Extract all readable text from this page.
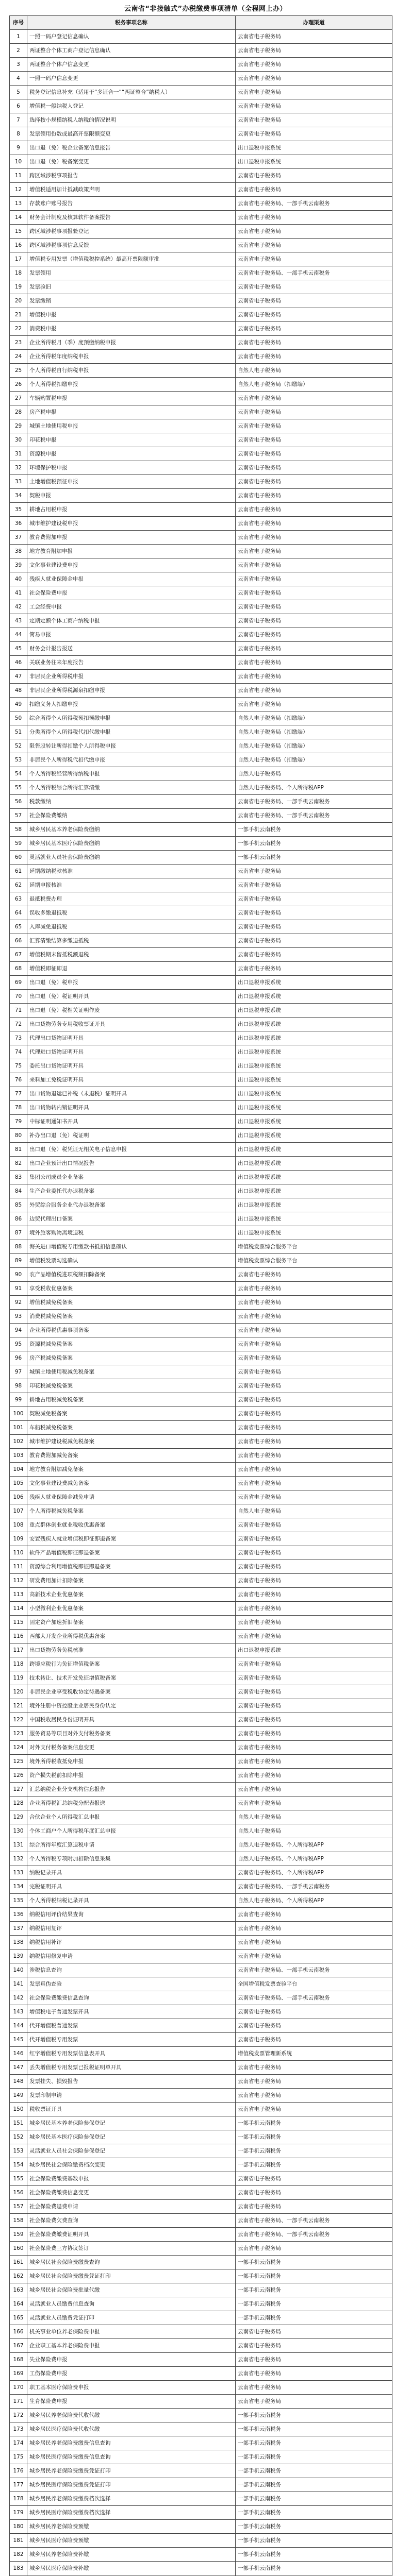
云南省“非接触式”办税缴费事项清单（全程网上办）
序号	税务事项名称	办理渠道
1	一照一码户登记信息确认	云南省电子税务局
2	两证整合个体工商户登记信息确认	云南省电子税务局
3	两证整合个体户信息变更	云南省电子税务局
4	一照一码户信息变更	云南省电子税务局
5	税务登记信息补充（适用于“多证合一”“两证整合”纳税人）	云南省电子税务局
6	增值税一般纳税人登记	云南省电子税务局
7	选择按小规模纳税人纳税的情况说明	云南省电子税务局
8	发票领用份数或最高开票限额变更	云南省电子税务局
9	出口退（免）税企业备案信息报告	出口退税申报系统
10	出口退（免）税备案变更	出口退税申报系统
11	跨区域涉税事项报告	云南省电子税务局
12	增值税适用加计抵减政策声明	云南省电子税务局
13	存款账户账号报告	云南省电子税务局、一部手机云南税务
14	财务会计制度及核算软件备案报告	云南省电子税务局
15	跨区域涉税事项报验登记	云南省电子税务局
16	跨区域涉税事项信息反馈	云南省电子税务局
17	增值税专用发票（增值税税控系统）最高开票限额审批	云南省电子税务局
18	发票领用	云南省电子税务局、一部手机云南税务
19	发票验旧	云南省电子税务局
20	发票缴销	云南省电子税务局
21	增值税申报	云南省电子税务局
22	消费税申报	云南省电子税务局
23	企业所得税月（季）度预缴纳税申报	云南省电子税务局
24	企业所得税年度纳税申报	云南省电子税务局
25	个人所得税自行纳税申报	自然人电子税务局
26	个人所得税扣缴申报	自然人电子税务局（扣缴端）
27	车辆购置税申报	云南省电子税务局
28	房产税申报	云南省电子税务局
29	城镇土地使用税申报	云南省电子税务局
30	印花税申报	云南省电子税务局
31	资源税申报	云南省电子税务局
32	环境保护税申报	云南省电子税务局
33	土地增值税预征申报	云南省电子税务局
34	契税申报	云南省电子税务局
35	耕地占用税申报	云南省电子税务局
36	城市维护建设税申报	云南省电子税务局
37	教育费附加申报	云南省电子税务局
38	地方教育附加申报	云南省电子税务局
39	文化事业建设费申报	云南省电子税务局
40	残疾人就业保障金申报	云南省电子税务局
41	社会保险费申报	云南省电子税务局
42	工会经费申报	云南省电子税务局
43	定期定额个体工商户纳税申报	云南省电子税务局
44	简易申报	云南省电子税务局
45	财务会计报告报送	云南省电子税务局
46	关联业务往来年度报告	云南省电子税务局
47	非居民企业所得税申报	云南省电子税务局
48	非居民企业所得税源泉扣缴申报	云南省电子税务局
49	扣缴义务人扣缴申报	云南省电子税务局
50	综合所得个人所得税预扣预缴申报	自然人电子税务局（扣缴端）
51	分类所得个人所得税代扣代缴申报	自然人电子税务局（扣缴端）
52	限售股转让所得扣缴个人所得税申报	自然人电子税务局（扣缴端）
53	非居民个人所得税代扣代缴申报	自然人电子税务局（扣缴端）
54	个人所得税经营所得纳税申报	自然人电子税务局
55	个人所得税综合所得汇算清缴	自然人电子税务局、个人所得税APP
56	税款缴纳	云南省电子税务局、一部手机云南税务
57	社会保险费缴纳	云南省电子税务局、一部手机云南税务
58	城乡居民基本养老保险费缴纳	一部手机云南税务
59	城乡居民基本医疗保险费缴纳	一部手机云南税务
60	灵活就业人员社会保险费缴纳	一部手机云南税务
61	延期缴纳税款核准	云南省电子税务局
62	延期申报核准	云南省电子税务局
63	退抵税费办理	云南省电子税务局
64	误收多缴退抵税	云南省电子税务局
65	入库减免退抵税	云南省电子税务局
66	汇算清缴结算多缴退抵税	云南省电子税务局
67	增值税期末留抵税额退税	云南省电子税务局
68	增值税即征即退	云南省电子税务局
69	出口退（免）税申报	出口退税申报系统
70	出口退（免）税证明开具	出口退税申报系统
71	出口退（免）税相关证明作废	出口退税申报系统
72	出口货物劳务专用税收票证开具	出口退税申报系统
73	代理出口货物证明开具	出口退税申报系统
74	代理进口货物证明开具	出口退税申报系统
75	委托出口货物证明开具	出口退税申报系统
76	来料加工免税证明开具	出口退税申报系统
77	出口货物退运已补税（未退税）证明开具	出口退税申报系统
78	出口货物转内销证明开具	出口退税申报系统
79	中标证明通知书开具	出口退税申报系统
80	补办出口退（免）税证明	出口退税申报系统
81	出口退（免）税凭证无相关电子信息申报	出口退税申报系统
82	出口企业预计出口情况报告	出口退税申报系统
83	集团公司成员企业备案	出口退税申报系统
84	生产企业委托代办退税备案	出口退税申报系统
85	外贸综合服务企业代办退税备案	出口退税申报系统
86	边贸代理出口备案	出口退税申报系统
87	境外旅客购物离境退税	出口退税申报系统
88	海关进口增值税专用缴款书抵扣信息确认	增值税发票综合服务平台
89	增值税发票勾选确认	增值税发票综合服务平台
90	农产品增值税进项税额扣除备案	云南省电子税务局
91	享受税收优惠备案	云南省电子税务局
92	增值税减免税备案	云南省电子税务局
93	消费税减免税备案	云南省电子税务局
94	企业所得税优惠事项备案	云南省电子税务局
95	资源税减免税备案	云南省电子税务局
96	房产税减免税备案	云南省电子税务局
97	城镇土地使用税减免税备案	云南省电子税务局
98	印花税减免税备案	云南省电子税务局
99	耕地占用税减免税备案	云南省电子税务局
100	契税减免税备案	云南省电子税务局
101	车船税减免税备案	云南省电子税务局
102	城市维护建设税减免税备案	云南省电子税务局
103	教育费附加减免备案	云南省电子税务局
104	地方教育附加减免备案	云南省电子税务局
105	文化事业建设费减免备案	云南省电子税务局
106	残疾人就业保障金减免申请	云南省电子税务局
107	个人所得税减免税备案	自然人电子税务局
108	重点群体创业就业税收优惠备案	云南省电子税务局
109	安置残疾人就业增值税即征即退备案	云南省电子税务局
110	软件产品增值税即征即退备案	云南省电子税务局
111	资源综合利用增值税即征即退备案	云南省电子税务局
112	研发费用加计扣除备案	云南省电子税务局
113	高新技术企业优惠备案	云南省电子税务局
114	小型微利企业优惠备案	云南省电子税务局
115	固定资产加速折旧备案	云南省电子税务局
116	西部大开发企业所得税优惠备案	云南省电子税务局
117	出口货物劳务免税核准	出口退税申报系统
118	跨境应税行为免征增值税备案	云南省电子税务局
119	技术转让、技术开发免征增值税备案	云南省电子税务局
120	非居民企业享受税收协定待遇备案	云南省电子税务局
121	境外注册中资控股企业居民身份认定	云南省电子税务局
122	中国税收居民身份证明开具	云南省电子税务局
123	服务贸易等项目对外支付税务备案	云南省电子税务局
124	对外支付税务备案信息变更	云南省电子税务局
125	境外所得税收抵免申报	云南省电子税务局
126	资产损失税前扣除申报	云南省电子税务局
127	汇总纳税企业分支机构信息报告	云南省电子税务局
128	企业所得税汇总纳税分配表报送	云南省电子税务局
129	合伙企业个人所得税汇总申报	自然人电子税务局
130	个体工商户个人所得税年度汇总申报	自然人电子税务局
131	综合所得年度汇算退税申请	自然人电子税务局、个人所得税APP
132	个人所得税专项附加扣除信息采集	自然人电子税务局、个人所得税APP
133	纳税记录开具	云南省电子税务局、个人所得税APP
134	完税证明开具	云南省电子税务局、一部手机云南税务
135	个人所得税纳税记录开具	自然人电子税务局、个人所得税APP
136	纳税信用评价结果查询	云南省电子税务局
137	纳税信用复评	云南省电子税务局
138	纳税信用补评	云南省电子税务局
139	纳税信用修复申请	云南省电子税务局
140	涉税信息查询	云南省电子税务局、一部手机云南税务
141	发票真伪查验	全国增值税发票查验平台
142	社会保险费缴费信息查询	云南省电子税务局、一部手机云南税务
143	增值税电子普通发票开具	云南省电子税务局
144	代开增值税普通发票	云南省电子税务局
145	代开增值税专用发票	云南省电子税务局
146	红字增值税专用发票信息表开具	增值税发票管理新系统
147	丢失增值税专用发票已报税证明单开具	云南省电子税务局
148	发票挂失、损毁报告	云南省电子税务局
149	发票印制申请	云南省电子税务局
150	税收票证开具	云南省电子税务局
151	城乡居民基本养老保险参保登记	一部手机云南税务
152	城乡居民基本医疗保险参保登记	一部手机云南税务
153	灵活就业人员社会保险参保登记	一部手机云南税务
154	城乡居民社会保险缴费档次变更	一部手机云南税务
155	社会保险费缴费基数申报	云南省电子税务局
156	社会保险费缴费信息变更	云南省电子税务局
157	社会保险费退费申请	云南省电子税务局
158	社会保险费欠费查询	云南省电子税务局、一部手机云南税务
159	社会保险费缴费证明开具	云南省电子税务局、一部手机云南税务
160	社会保险费三方协议签订	云南省电子税务局
161	城乡居民社会保险费缴费查询	一部手机云南税务
162	城乡居民社会保险费缴费凭证打印	一部手机云南税务
163	城乡居民社会保险费批量代缴	一部手机云南税务
164	灵活就业人员缴费信息查询	一部手机云南税务
165	灵活就业人员缴费凭证打印	一部手机云南税务
166	机关事业单位养老保险费申报	云南省电子税务局
167	企业职工基本养老保险费申报	云南省电子税务局
168	失业保险费申报	云南省电子税务局
169	工伤保险费申报	云南省电子税务局
170	职工基本医疗保险费申报	云南省电子税务局
171	生育保险费申报	云南省电子税务局
172	城乡居民养老保险费代收代缴	一部手机云南税务
173	城乡居民医疗保险费代收代缴	一部手机云南税务
174	城乡居民养老保险费缴费信息查询	一部手机云南税务
175	城乡居民医疗保险费缴费信息查询	一部手机云南税务
176	城乡居民养老保险费缴费凭证打印	一部手机云南税务
177	城乡居民医疗保险费缴费凭证打印	一部手机云南税务
178	城乡居民养老保险费缴费档次选择	一部手机云南税务
179	城乡居民医疗保险费缴费档次选择	一部手机云南税务
180	城乡居民养老保险费预缴	一部手机云南税务
181	城乡居民医疗保险费预缴	一部手机云南税务
182	城乡居民养老保险费补缴	一部手机云南税务
183	城乡居民医疗保险费补缴	一部手机云南税务
